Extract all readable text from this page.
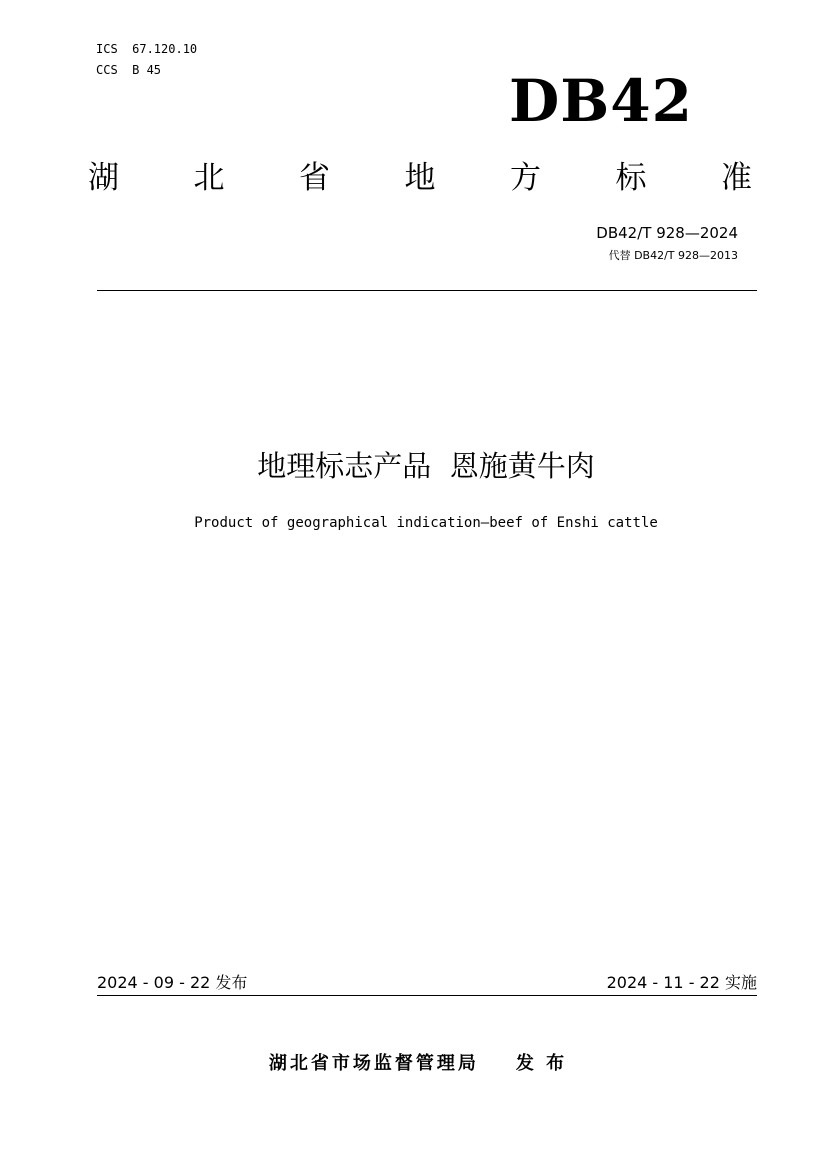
ICS  67.120.10
CCS  B 45	DB42
湖 北 省 地 方 标 准
DB42/T 928—2024
代替 DB42/T 928—2013
地理标志产品  恩施黄牛肉
Product of geographical indication—beef of Enshi cattle
2024 - 09 - 22 发布	2024 - 11 - 22 实施
湖北省市场监督管理局    发 布
